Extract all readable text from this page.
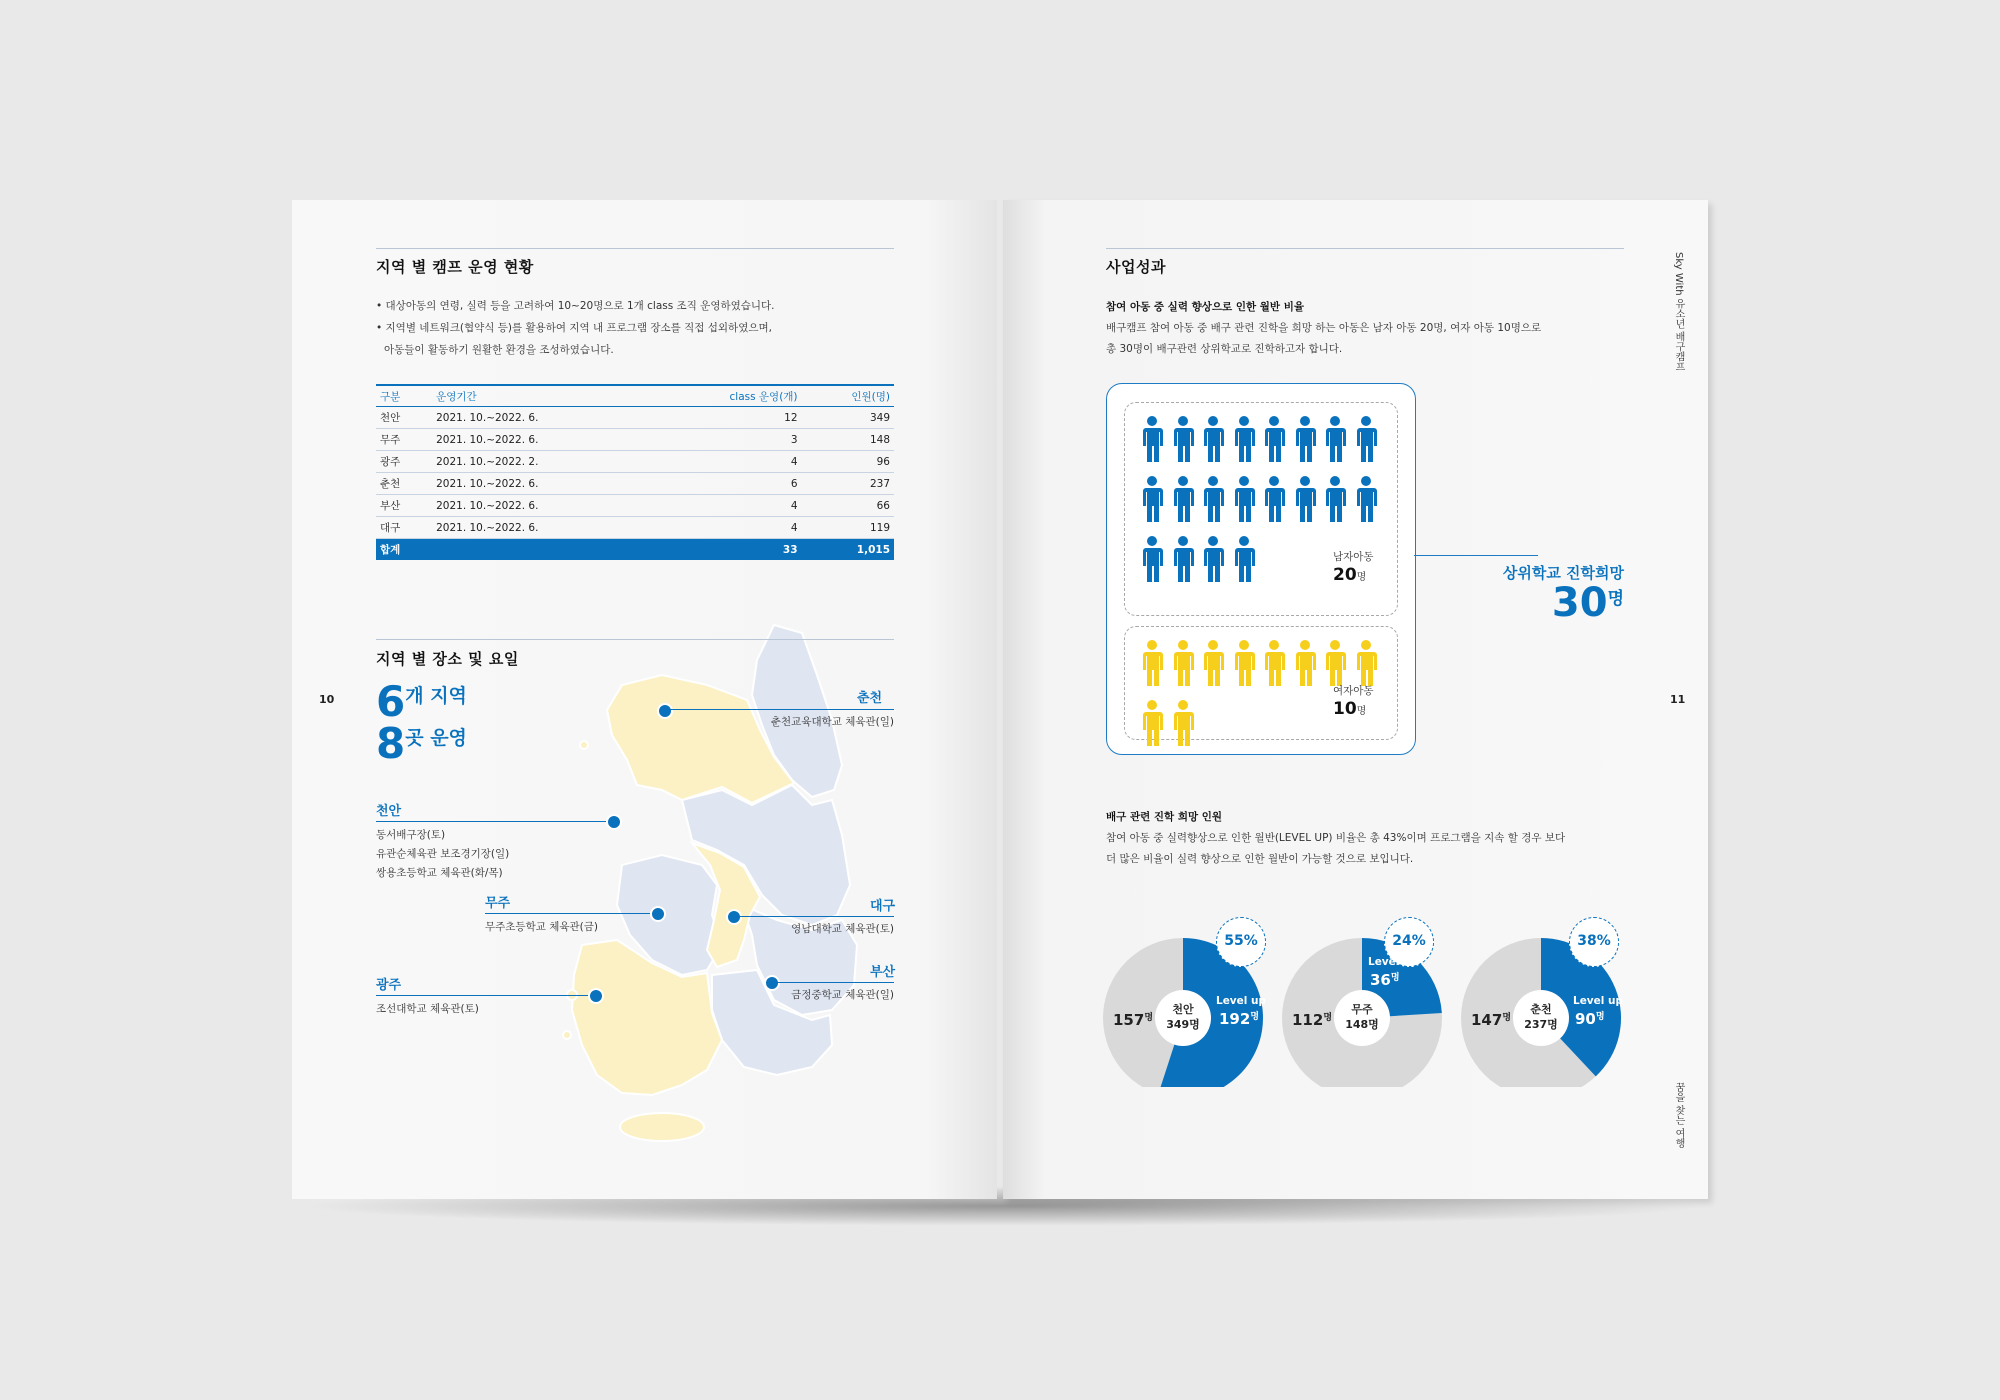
지역 별 캠프 운영 현황
• 대상아동의 연령, 실력 등을 고려하여 10~20명으로 1개 class 조직 운영하였습니다.
• 지역별 네트워크(협약식 등)를 활용하여 지역 내 프로그램 장소를 직접 섭외하였으며,
아동들이 활동하기 원활한 환경을 조성하였습니다.
구분	운영기간	class 운영(개)	인원(명)
천안	2021. 10.~2022. 6.	12	349
무주	2021. 10.~2022. 6.	3	148
광주	2021. 10.~2022. 2.	4	96
춘천	2021. 10.~2022. 6.	6	237
부산	2021. 10.~2022. 6.	4	66
대구	2021. 10.~2022. 6.	4	119
합계		33	1,015
지역 별 장소 및 요일
6개 지역
8곳 운영
10	춘천
춘천교육대학교 체육관(일)
천안
동서배구장(토)
유관순체육관 보조경기장(일)
쌍용초등학교 체육관(화/목)
무주
무주초등학교 체육관(금)
대구
영남대학교 체육관(토)
부산
금정중학교 체육관(일)
광주
조선대학교 체육관(토)
사업성과
참여 아동 중 실력 향상으로 인한 월반 비율
배구캠프 참여 아동 중 배구 관련 진학을 희망 하는 아동은 남자 아동 20명, 여자 아동 10명으로
총 30명이 배구관련 상위학교로 진학하고자 합니다.
남자아동
20명
여자아동
10명
상위학교 진학희망
30명
배구 관련 진학 희망 인원
참여 아동 중 실력향상으로 인한 월반(LEVEL UP) 비율은 총 43%이며 프로그램을 지속 할 경우 보다
더 많은 비율이 실력 향상으로 인한 월반이 가능할 것으로 보입니다.
55%
천안
349명
Level up
$192^명$
$157^명$
24%
무주
148명
Level up
$36^명$
$112^명$
38%
춘천
237명
Level up
$90^명$
$147^명$
11
Sky With 유소년 배구캠프
꿈을 찾는 여행
